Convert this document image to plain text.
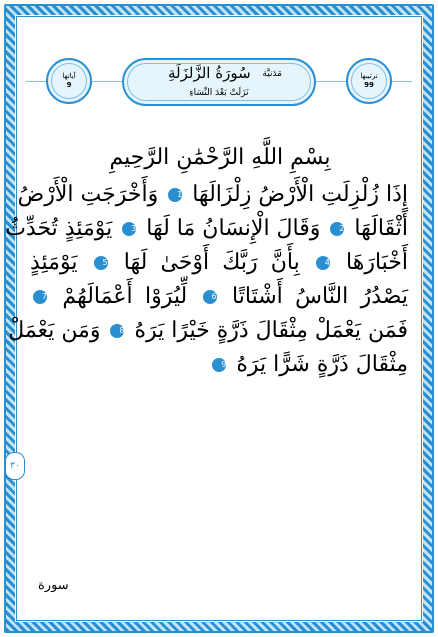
آياتها
9
سُورَةُ الزَّلزَلَةِ مَدَنيَّة
نَزَلَتْ بَعْدَ النِّسَاءِ
ترتيبها
99
بِسْمِ اللَّهِ الرَّحْمَٰنِ الرَّحِيمِ
إِذَا زُلْزِلَتِ الْأَرْضُ زِلْزَالَهَا 1 وَأَخْرَجَتِ الْأَرْضُ
أَثْقَالَهَا 2 وَقَالَ الْإِنسَانُ مَا لَهَا 3 يَوْمَئِذٍ تُحَدِّثُ
أَخْبَارَهَا 4 بِأَنَّ رَبَّكَ أَوْحَىٰ لَهَا 5 يَوْمَئِذٍ
يَصْدُرُ النَّاسُ أَشْتَاتًا 6 لِّيُرَوْا أَعْمَالَهُمْ 7
فَمَن يَعْمَلْ مِثْقَالَ ذَرَّةٍ خَيْرًا يَرَهُ 8 وَمَن يَعْمَلْ
مِثْقَالَ ذَرَّةٍ شَرًّا يَرَهُ 9
٣٠
سورة
